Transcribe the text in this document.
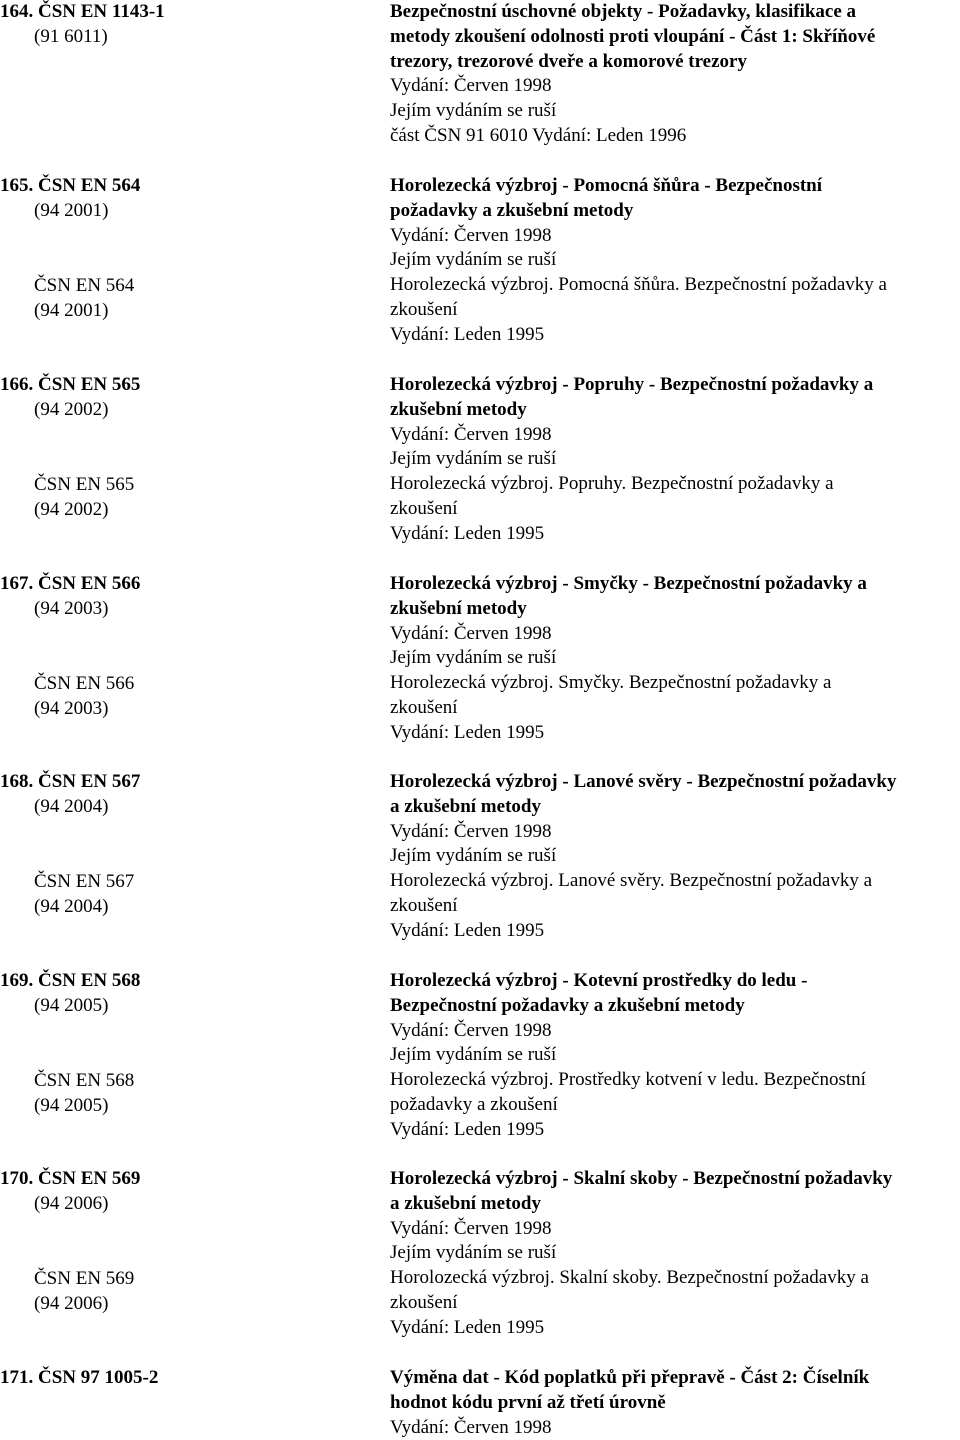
164. ČSN EN 1143-1
(91 6011)
Bezpečnostní úschovné objekty - Požadavky, klasifikace a
metody zkoušení odolnosti proti vloupání - Část 1: Skříňové
trezory, trezorové dveře a komorové trezory
Vydání: Červen 1998
Jejím vydáním se ruší
část ČSN 91 6010 Vydání: Leden 1996
165. ČSN EN 564
(94 2001)
ČSN EN 564
(94 2001)
Horolezecká výzbroj - Pomocná šňůra - Bezpečnostní
požadavky a zkušební metody
Vydání: Červen 1998
Jejím vydáním se ruší
Horolezecká výzbroj. Pomocná šňůra. Bezpečnostní požadavky a
zkoušení
Vydání: Leden 1995
166. ČSN EN 565
(94 2002)
ČSN EN 565
(94 2002)
Horolezecká výzbroj - Popruhy - Bezpečnostní požadavky a
zkušební metody
Vydání: Červen 1998
Jejím vydáním se ruší
Horolezecká výzbroj. Popruhy. Bezpečnostní požadavky a
zkoušení
Vydání: Leden 1995
167. ČSN EN 566
(94 2003)
ČSN EN 566
(94 2003)
Horolezecká výzbroj - Smyčky - Bezpečnostní požadavky a
zkušební metody
Vydání: Červen 1998
Jejím vydáním se ruší
Horolezecká výzbroj. Smyčky. Bezpečnostní požadavky a
zkoušení
Vydání: Leden 1995
168. ČSN EN 567
(94 2004)
ČSN EN 567
(94 2004)
Horolezecká výzbroj - Lanové svěry - Bezpečnostní požadavky
a zkušební metody
Vydání: Červen 1998
Jejím vydáním se ruší
Horolezecká výzbroj. Lanové svěry. Bezpečnostní požadavky a
zkoušení
Vydání: Leden 1995
169. ČSN EN 568
(94 2005)
ČSN EN 568
(94 2005)
Horolezecká výzbroj - Kotevní prostředky do ledu -
Bezpečnostní požadavky a zkušební metody
Vydání: Červen 1998
Jejím vydáním se ruší
Horolezecká výzbroj. Prostředky kotvení v ledu. Bezpečnostní
požadavky a zkoušení
Vydání: Leden 1995
170. ČSN EN 569
(94 2006)
ČSN EN 569
(94 2006)
Horolezecká výzbroj - Skalní skoby - Bezpečnostní požadavky
a zkušební metody
Vydání: Červen 1998
Jejím vydáním se ruší
Horolozecká výzbroj. Skalní skoby. Bezpečnostní požadavky a
zkoušení
Vydání: Leden 1995
171. ČSN 97 1005-2	Výměna dat - Kód poplatků při přepravě - Část 2: Číselník
hodnot kódu první až třetí úrovně
Vydání: Červen 1998
